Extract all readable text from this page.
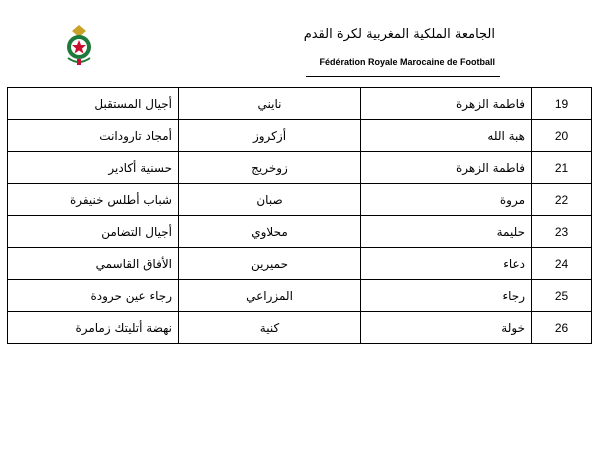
الجامعة الملكية المغربية لكرة القدم
Fédération Royale Marocaine de Football
أجيال المستقبل	نايني	فاطمة الزهرة	19
أمجاد تارودانت	أزكروز	هبة الله	20
حسنية أكادير	زوخريج	فاطمة الزهرة	21
شباب أطلس خنيفرة	صبان	مروة	22
أجيال التضامن	محلاوي	حليمة	23
الأفاق القاسمي	حميرين	دعاء	24
رجاء عين حرودة	المزراعي	رجاء	25
نهضة أتليتك زمامرة	كنية	خولة	26
